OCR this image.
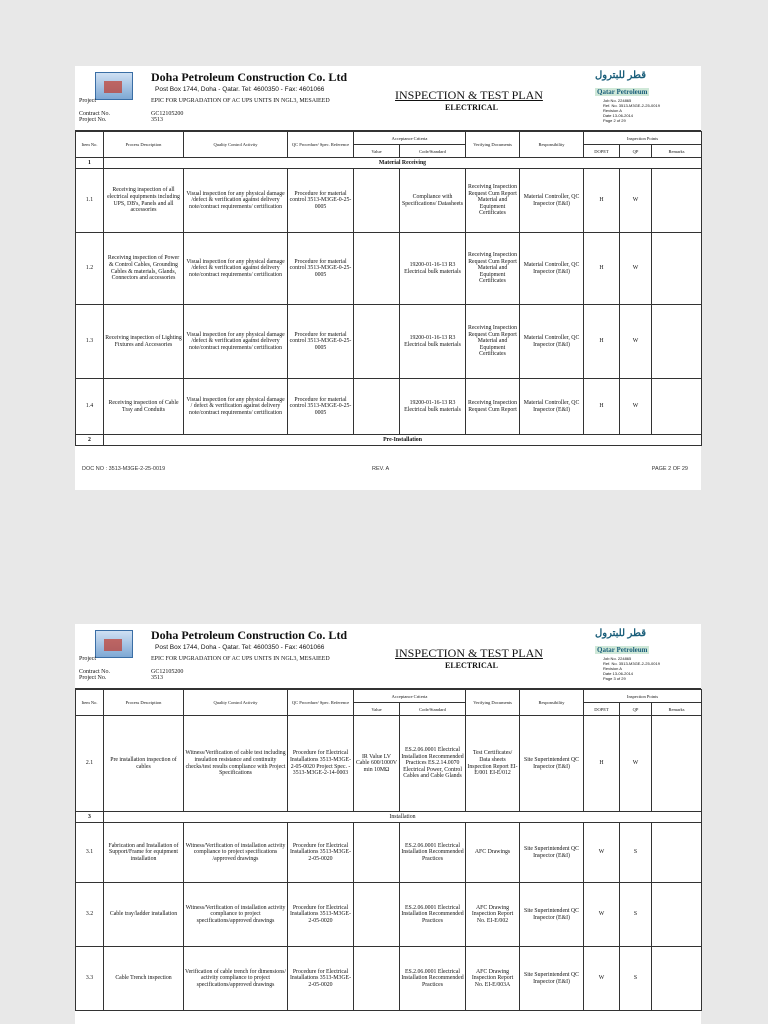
Doha Petroleum Construction Co. Ltd
Post Box 1744, Doha - Qatar. Tel: 4600350 - Fax: 4601066	INSPECTION & TEST PLAN
ELECTRICAL
قطر للبترول
Qatar Petroleum
Job No. 224865
Ref. No. 3513-M3GE-2-25-0019
Revision A
Date 13-06-2014
Page 2 of 29
Project	EPIC FOR UPGRADATION OF AC UPS UNITS IN NGL3, MESAIEED
Contract No.	GC12105200
Project No.	3513
Item No.	Process Description	Quality Control Activity	QC Procedure/ Spec. Reference	Acceptance Criteria		Verifying Documents	Responsibility	Inspection Points		
				Value	Code/Standard			DOPET	QP	Remarks
1	Material Receiving									
1.1	Receiving inspection of all electrical equipments including UPS, DB's, Panels and all accessories	Visual inspection for any physical damage /defect & verification against delivery note/contract requirements/ certification	Procedure for material control 3513-M3GE-0-25-0005		Compliance with Specifications/ Datasheets	Receiving Inspection Request Cum Report Material and Equipment Certificates	Material Controller, QC Inspector (E&I)	H	W	
1.2	Receiving inspection of Power & Control Cables, Grounding Cables & materials, Glands, Connectors and accessories	Visual inspection for any physical damage /defect & verification against delivery note/contract requirements/ certification	Procedure for material control 3513-M3GE-0-25-0005		19200-01-16-13 R3 Electrical bulk materials	Receiving Inspection Request Cum Report Material and Equipment Certificates	Material Controller, QC Inspector (E&I)	H	W	
1.3	Receiving inspection of Lighting Fixtures and Accessories	Visual inspection for any physical damage /defect & verification against delivery note/contract requirements/ certification	Procedure for material control 3513-M3GE-0-25-0005		19200-01-16-13 R3 Electrical bulk materials	Receiving Inspection Request Cum Report Material and Equipment Certificates	Material Controller, QC Inspector (E&I)	H	W	
1.4	Receiving inspection of Cable Tray and Conduits	Visual inspection for any physical damage / defect & verification against delivery note/contract requirements/ certification	Procedure for material control 3513-M3GE-0-25-0005		19200-01-16-13 R3 Electrical bulk materials	Receiving Inspection Request Cum Report	Material Controller, QC Inspector (E&I)	H	W	
2	Pre-Installation									
DOC NO : 3513-M3GE-2-25-0019	REV. A	PAGE 2 OF 29
Doha Petroleum Construction Co. Ltd
Post Box 1744, Doha - Qatar. Tel: 4600350 - Fax: 4601066	INSPECTION & TEST PLAN
ELECTRICAL
قطر للبترول
Qatar Petroleum
Job No. 224865
Ref. No. 3513-M3GE-2-25-0019
Revision A
Date 13-06-2014
Page 3 of 29
Project	EPIC FOR UPGRADATION OF AC UPS UNITS IN NGL3, MESAIEED
Contract No.	GC12105200
Project No.	3513
Item No.	Process Description	Quality Control Activity	QC Procedure/ Spec. Reference	Acceptance Criteria		Verifying Documents	Responsibility	Inspection Points		
				Value	Code/Standard			DOPET	QP	Remarks
2.1	Pre installation inspection of cables	Witness/Verification of cable test including insulation resistance and continuity checks/test results compliance with Project Specifications	Procedure for Electrical Installations 3513-M3GE-2-05-0020 Project Spec. - 3513-M3GE-2-14-0003	IR Value LV Cable 600/1000V min 10MΩ	ES.2.06.0001 Electrical Installation Recommended Practices ES.2.14.0070 Electrical Power, Control Cables and Cable Glands	Test Certificates/ Data sheets Inspection Report EI-E/001 EI-E/012	Site Superintendent QC Inspector (E&I)	H	W	
3	Installation									
3.1	Fabrication and Installation of Support/Frame for equipment installation	Witness/Verification of installation activity compliance to project specifications /approved drawings	Procedure for Electrical Installations 3513-M3GE-2-05-0020		ES.2.06.0001 Electrical Installation Recommended Practices	AFC Drawings	Site Superintendent QC Inspector (E&I)	W	S	
3.2	Cable tray/ladder installation	Witness/Verification of installation activity compliance to project specifications/approved drawings	Procedure for Electrical Installations 3513-M3GE-2-05-0020		ES.2.06.0001 Electrical Installation Recommended Practices	AFC Drawing Inspection Report No. EI-E/002	Site Superintendent QC Inspector (E&I)	W	S	
3.3	Cable Trench inspection	Verification of cable trench for dimensions/ activity compliance to project specifications/approved drawings	Procedure for Electrical Installations 3513-M3GE-2-05-0020		ES.2.06.0001 Electrical Installation Recommended Practices	AFC Drawing Inspection Report No. EI-E/003A	Site Superintendent QC Inspector (E&I)	W	S	
